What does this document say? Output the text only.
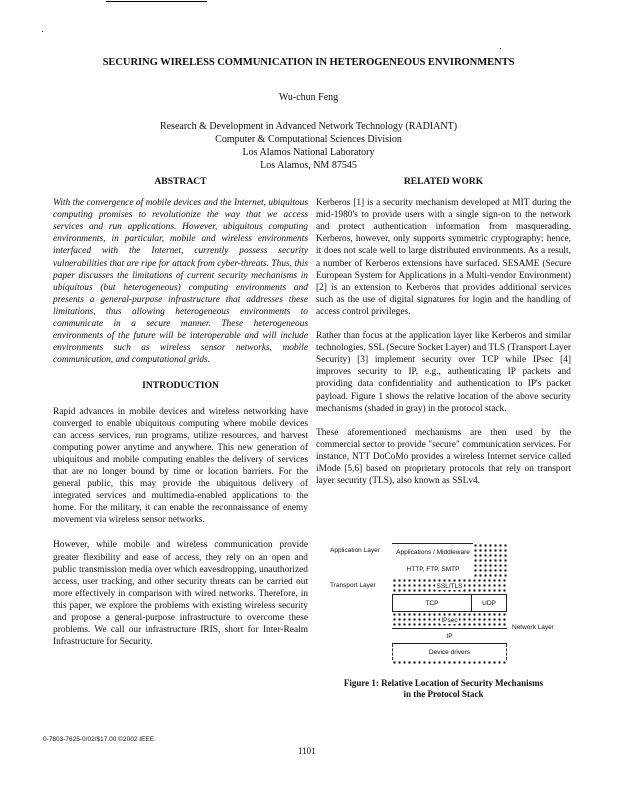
SECURING WIRELESS COMMUNICATION IN HETEROGENEOUS ENVIRONMENTS
Wu-chun Feng
Research & Development in Advanced Network Technology (RADIANT)
Computer & Computational Sciences Division
Los Alamos National Laboratory
Los Alamos, NM 87545
ABSTRACT

With the convergence of mobile devices and the Internet, ubiquitous computing promises to revolutionize the way that we access services and run applications. However, ubiquitous computing environments, in particular, mobile and wireless environments interfaced with the Internet, currently possess security vulnerabilities that are ripe for attack from cyber-threats. Thus, this paper discusses the limitations of current security mechanisms in ubiquitous (but heterogeneous) computing environments and presents a general-purpose infrastructure that addresses these limitations, thus allowing heterogeneous environments to communicate in a secure manner. These heterogeneous environments of the future will be interoperable and will include environments such as wireless sensor networks, mobile communication, and computational grids.

INTRODUCTION

Rapid advances in mobile devices and wireless networking have converged to enable ubiquitous computing where mobile devices can access services, run programs, utilize resources, and harvest computing power anytime and anywhere. This new generation of ubiquitous and mobile computing enables the delivery of services that are no longer bound by time or location barriers. For the general public, this may provide the ubiquitous delivery of integrated services and multimedia-enabled applications to the home. For the military, it can enable the reconnaissance of enemy movement via wireless sensor networks.

However, while mobile and wireless communication provide greater flexibility and ease of access, they rely on an open and public transmission media over which eavesdropping, unauthorized access, user tracking, and other security threats can be carried out more effectively in comparison with wired networks. Therefore, in this paper, we explore the problems with existing wireless security and propose a general-purpose infrastructure to overcome these problems. We call our infrastructure IRIS, short for Inter-Realm Infrastructure for Security.

RELATED WORK

Kerberos [1] is a security mechanism developed at MIT during the mid-1980's to provide users with a single sign-on to the network and protect authentication information from masquerading. Kerberos, however, only supports symmetric cryptography; hence, it does not scale well to large distributed environments. As a result, a number of Kerberos extensions have surfaced. SESAME (Secure European System for Applications in a Multi-vendor Environment) [2] is an extension to Kerberos that provides additional services such as the use of digital signatures for login and the handling of access control privileges.

Rather than focus at the application layer like Kerberos and similar technologies, SSL (Secure Socket Layer) and TLS (Transport Layer Security) [3] implement security over TCP while IPsec [4] improves security to IP, e.g., authenticating IP packets and providing data confidentiality and authentication to IP's packet payload. Figure 1 shows the relative location of the above security mechanisms (shaded in gray) in the protocol stack.

These aforementioned mechanisms are then used by the commercial sector to provide "secure" communication services. For instance, NTT DoCoMo provides a wireless Internet service called iMode [5,6] based on proprietary protocols that rely on transport layer security (TLS), also known as SSLv4.

Application Layer
Transport Layer
Network Layer
Applications / Middleware
HTTP, FTP, SMTP
SSL/TLS
TCP	UDP
IPsec
IP
Device drivers
Figure 1: Relative Location of Security Mechanisms
in the Protocol Stack
0-7803-7625-0/02/$17.00 ©2002 IEEE.
1101
